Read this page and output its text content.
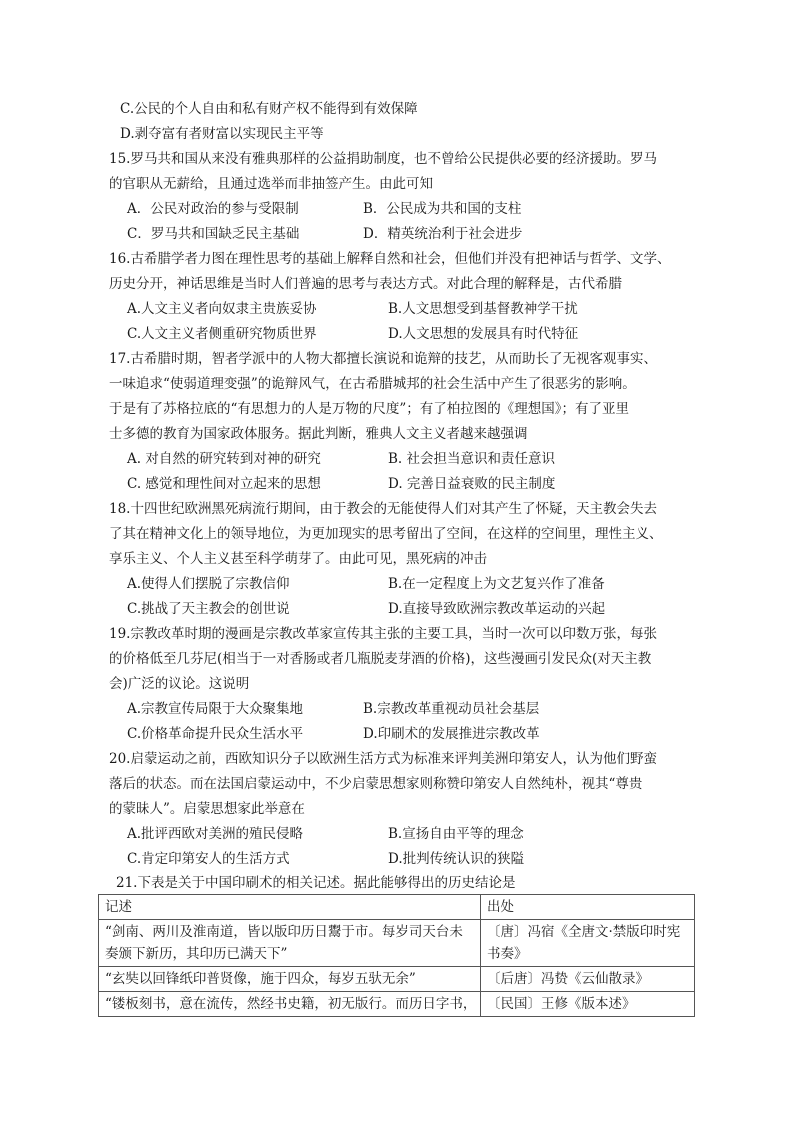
C.公民的个人自由和私有财产权不能得到有效保障
D.剥夺富有者财富以实现民主平等
15.罗马共和国从来没有雅典那样的公益捐助制度，也不曾给公民提供必要的经济援助。罗马
的官职从无薪给，且通过选举而非抽签产生。由此可知
A．公民对政治的参与受限制	B．公民成为共和国的支柱
C．罗马共和国缺乏民主基础	D．精英统治利于社会进步
16.古希腊学者力图在理性思考的基础上解释自然和社会，但他们并没有把神话与哲学、文学、
历史分开，神话思维是当时人们普遍的思考与表达方式。对此合理的解释是，古代希腊
A.人文主义者向奴隶主贵族妥协	B.人文思想受到基督教神学干扰
C.人文主义者侧重研究物质世界	D.人文思想的发展具有时代特征
17.古希腊时期，智者学派中的人物大都擅长演说和诡辩的技艺，从而助长了无视客观事实、
一味追求“使弱道理变强”的诡辩风气，在古希腊城邦的社会生活中产生了很恶劣的影响。
于是有了苏格拉底的“有思想力的人是万物的尺度”；有了柏拉图的《理想国》；有了亚里
士多德的教育为国家政体服务。据此判断，雅典人文主义者越来越强调
A. 对自然的研究转到对神的研究	B. 社会担当意识和责任意识
C. 感觉和理性间对立起来的思想	D. 完善日益衰败的民主制度
18.十四世纪欧洲黑死病流行期间，由于教会的无能使得人们对其产生了怀疑，天主教会失去
了其在精神文化上的领导地位，为更加现实的思考留出了空间，在这样的空间里，理性主义、
享乐主义、个人主义甚至科学萌芽了。由此可见，黑死病的冲击
A.使得人们摆脱了宗教信仰	B.在一定程度上为文艺复兴作了准备
C.挑战了天主教会的创世说	D.直接导致欧洲宗教改革运动的兴起
19.宗教改革时期的漫画是宗教改革家宣传其主张的主要工具，当时一次可以印数万张，每张
的价格低至几芬尼(相当于一对香肠或者几瓶脱麦芽酒的价格)，这些漫画引发民众(对天主教
会)广泛的议论。这说明
A.宗教宣传局限于大众聚集地	B.宗教改革重视动员社会基层
C.价格革命提升民众生活水平	D.印刷术的发展推进宗教改革
20.启蒙运动之前，西欧知识分子以欧洲生活方式为标准来评判美洲印第安人，认为他们野蛮
落后的状态。而在法国启蒙运动中，不少启蒙思想家则称赞印第安人自然纯朴，视其“尊贵
的蒙昧人”。启蒙思想家此举意在
A.批评西欧对美洲的殖民侵略	B.宣扬自由平等的理念
C.肯定印第安人的生活方式	D.批判传统认识的狭隘
21.下表是关于中国印刷术的相关记述。据此能够得出的历史结论是
记述	出处
“剑南、两川及淮南道，皆以版印历日鬻于市。每岁司天台未奏颁下新历，其印历已满天下”	〔唐〕冯宿《全唐文·禁版印时宪书奏》
“玄奘以回锋纸印普贤像，施于四众，每岁五驮无余”	〔后唐〕冯贽《云仙散录》
“镂板刻书，意在流传，然经书史籍，初无版行。而历日字书，	〔民国〕王修《版本述》
